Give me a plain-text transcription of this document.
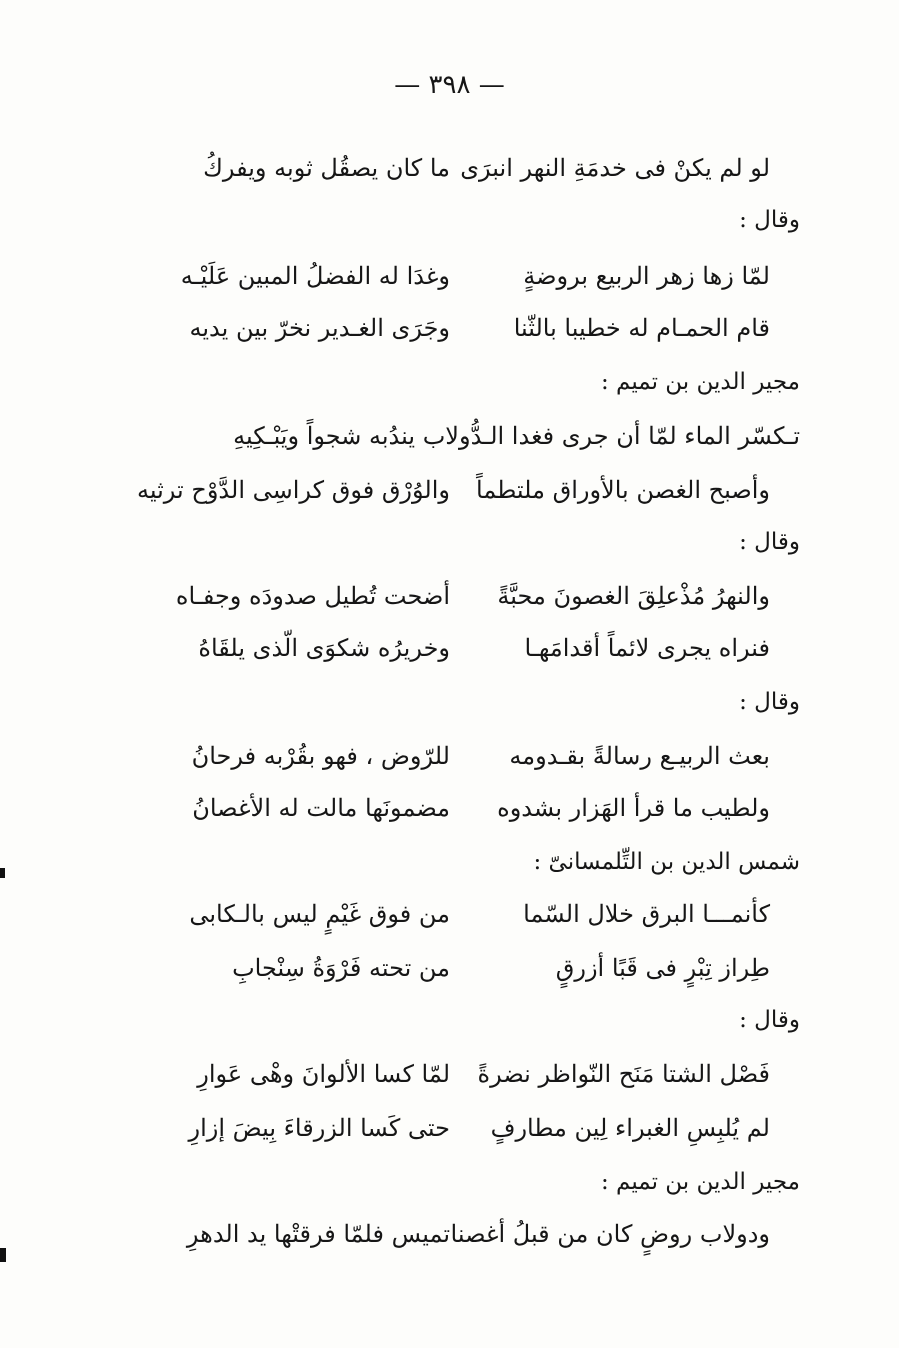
— ٣٩٨ —
لو لم يكنْ فى خدمَةِ النهر انبرَى
ما كان يصقُل ثوبه ويفركُ
وقال :
لمّا زها زهر الربيع بروضةٍ
وغدَا له الفضلُ المبين عَلَيْـه
قام الحمـام له خطيبا بالثّنا
وجَرَى الغـدير نخرّ بين يديه
مجير الدين بن تميم :
تـكسّر الماء لمّا أن جرى فغدا الـدُّولاب يندُبه شجواً ويَبْـكِيهِ
وأصبح الغصن بالأوراق ملتطماً
والوُرْق فوق كراسِى الدَّوْح ترثيه
وقال :
والنهرُ مُذْعلِقَ الغصونَ محبَّةً
أضحت تُطيل صدودَه وجفـاه
فنراه يجرى لائماً أقدامَهـا
وخريرُه شكوَى الّذى يلقَاهُ
وقال :
بعث الربيـع رسالةً بقـدومه
للرّوض ، فهو بقُرْبه فرحانُ
ولطيب ما قرأ الهَزار بشدوه
مضمونَها مالت له الأغصانُ
شمس الدين بن التِّلمسانىّ :
كأنمـــا البرق خلال السّما
من فوق غَيْمٍ ليس بالـكابى
طِراز تِبْرٍ فى قَبًا أزرقٍ
من تحته فَرْوَةُ سِنْجابِ
وقال :
فَصْل الشتا مَنَح النّواظر نضرةً
لمّا كسا الألوانَ وهْى عَوارِ
لم يُلبِسِ الغبراء لِين مطارفٍ
حتى كَسا الزرقاءَ بِيضَ إزارِ
مجير الدين بن تميم :
ودولاب روضٍ كان من قبلُ أغصنا
تميس فلمّا فرقتْها يد الدهرِ
